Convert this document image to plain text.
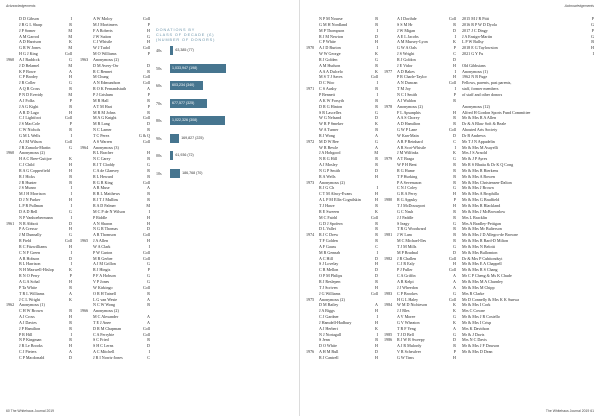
Acknowledgements
D D Gibson	I
J B G L Sharp	R
J P Somer	M
A M Garrod	M
A D Harrison	K
G R W Jones	M
H G J King	Coll
1960	A J Baddcck	G
J D Belamel	M
K P Bowe	A
C P Brodey	H
J R Coller	G
A Q R Cross	R
P N D Everidy	M
A J Folks	P
J A G Kight	B
A R D Lago	H
C J Lightfoot	Coll
J S MacCole	P
C W Nichols	R
G M L Wells	I
A J M Wilson	Coll
J R Zamola-Martin	G
1960	Anonymous (2)
H A C Bree-Guttjoe	K
C J Child	H
R A G Copperfield	H
R J Hicks	B
J R Hunter	B
J S Munro	I
M J H Morrison	I
D J N Parker	H
L P R Pullman	I
D A D Bell	G
N P Vanhoebermann	I
1961	N R Abbott	D
P A Cressw	H
J M Dunnally	G
R Field	Coll
R C Fitzwilliams	H
C N F Green	I
A R Hobson	D
B L Harrison	I
N H Maxwell-Hislop	K
R N O Perry	P
A G A Sohal	H
P Ta White	R
T R L Williams	A
J C L Wright	K
1962	Anonymous (1)
C H W Brown	B
A J Cross	H
A J Davies	R
J P Hamilton	R
P R Hill	I
N P Kingman	R
J R Le Brooks	H
C J Pieters	A
C P Macdonald	D
A W Moloy	Coll
M J Mortimers	P
F A Roberts	H
J W Sutton	G
C J Whistle	H
W J Tudol	Coll
M O Williams	P
1963	Anonymous (2)
D M Avery-Orr	D
R C Bennet	R
M Chung	Coll
A N Edmundson	Coll
R O K Fernandstuth	A
P J Grisham	P
M R Hall	R
A T M Hart	P
M R M Johns	R
M A G Knight	Coll
M R Lang	D
N C Larner	R
T C Perez	G & Q
A S Warren	Coll
1964	Anonymous (3)
B L Bracher	H
N C Carey	B
R J T Cloddy	G
C A de Glanvey	R
R L Heward	B
R G R King	Coll
A R Muse	A
R R L Matthews	B
R J T J Mullins	R
R A D Palmer	M
M C P de N Wilson	I
P Riddle	H
A N Sharon	H
N G R Thomas	D
A R Thomson	Coll
1965	J A Allen	H
W A Clark	I
P W Garton	Coll
M R Gerber	Coll
A J M Grillon	G
R J Hingis	P
P F A Hobson	G
V P Jones	G
W Kirkingo	Coll
O R H Tatnell	R
L G van Weste	A
N C W Wong	B
1966	Anonymous (2)
M C Alexander	A
T E J Anee	A
D R M Chapman	Coll
C A Ferrybie	Coll
S C Fried	R
S H C Lerns	D
A C Mitchell	I
J R I Norris-Jones	C
DONATIONS BY
CLASS OF DECADE (£)
(NUMBER OF DONORS)
40s	63,385 (77)
50s	1,033,947 (198)
60s	603,234 (340)
70s	677,577 (325)
80s	1,022,326 (308)
90s	169,827 (225)
00s	61,936 (72)
10s	186,768 (70)
60 The Whitehaus Journal 2019
Acknowledgements
N P M Nourse	B
G M H Nordland	B
M P Thompson	I
R J M Newton	D
C P White	H
1970	A J D Burton	I
W W George	K
R J Golden	G
A M Hudson	R
A A A Dulcelo	K
M S T J Saves	Coll
D C Woo	I
1971	C S Ausby	B
P Bennett	I
A K W Forsyth	B
D R G Hinton	R
S R Lascelles	G
W G Nelsand	D
W R P Smeker	K
W A Turner	B
R J Wong	A
1972	M D W Bee	G
W R Bewle	A
J A Hobgood	M
N R G Hill	R
A J Mosley	R
N G P Smith	D
R A Wells	H
1973	Anonymous (2)
R J G Ch	I
C T M Alncy-Evans	H
A L P M Ellis-Cognilskin	H
T J Hawe	R
R E Sweeen	K
M C Fairhl	Coll
G D J Spofern	R
D L Vallet	R
1974	R J C Drew	R
T F Golden	R
A F Gauss	C
M R Gennab	I
A C Hill	D
S J Lovelay	H
C R Mellon	D
O P M Philips	D
R J Reslepen	R
T J Scriven	H
J G Williams	Coll
1975	Anonymous (2)
D M Bailey	A
J A Biggs	H
C J Gardner	I
J Hamdell-Hadbury	H
A J Herbert	K
N J Nortagall	I
S Jenn	B
D O White	H
1976	A H M Bull	D
R J Cantrell	H
A I Dorihde	Coll
S S M Hr	R
J W Migan	D
A E L Jacobs	I
A M Mursey-Lyon	K
G W A Oals	P
J S Wright	C
R J Goldon	D
J E Vidor	H
1977	A D Bakes	I
P R Charle-Taylor	H
A N Duncan	Coll
T M Joy	I
N C I Smith	P
A J Waldon	R
1978	Anonymous (2)
F L Apsanphis	H
A A S Chorey	R
A D Hamilton	R
G W P Lane	Coll
W Kan-Main	D
A R P Reinhard	C
A R Scot-Whistle	I
J M Wilfinks	K
1979	A T Braga	G
W P H Bent	R
R G Hume	R
T P Hurking	B
P A Sevenuson	R
C N J Coley	G
G R A Perry	H
1980	R G Appsky	P
T J McDouwport	H
G C Nash	R
J J Paddle	R
S Ieagy	G
T R G Woodward	R
1981	J W Lam	B
M C Michael-Iles	R
T J M Mills	G
M P Brudnal	D
1982	J R Challen	Coll
C J R Ealy	H
P J Fuller	Coll
C A Griffin	A
A R Kelpi	A
J J Wheedon	A
1983	C P Brookes	G
H G L Haley	Coll
1984	W M D Nichieson	K
J J Bles	K
A V Moree	G
G V Wheaton	K
T R F Yeng	A
1985	T J D Bell	G
1986	R J W R Sweepy	D
A J R Mulordy	R
V R Scheulver	P
G W Tims	H
2015 M J R Pitti	P
2016 R P W D Dyola	G
2017 J C Dingy	P
J A Ensign-Martin	G
L P W Ballsy	B
2018 E G Taylowston	H
2021 G Y Fu	I
Old Gibbsians
Anonymous (1)
1962 N B Fuge
Fellows, parents, past parents,
staff, former members
of staff and other donors
Anonymous (12)
Alfred H Gordon Sports Fund Committee
Mr & Mrs R A Allen
Dr & A Blaw Soft & Beale
Abouted Arts Society
Dr B Andrews
Mr T J N Appadelin
Mr & Mrs M Asayelli
Mrs J S Arnold
Mr & J P Ayres
Mr R S Bhatia & Dr K Q Cong
Mr & Mrs R Bierkens
Mr & Mrs A Bowen
Mr & Mrs Christensen-Dalton
Mr & Mrs J Brown
Mr & Mrs A Brophilla
Mr & Mrs G Bradfield
Mr & Mrs R Blackland
Mr & Mrs J McBrownlow
Mrs L Bracklin
Mrs A Bradley-Pettigan
Mr & Mrs Mr Bulterson
Mr & Mrs J D Allegro-de Browne
Mr & Mrs R Bard-D Milton
Mr & Mrs N Belotti
Mr & Mrs Bullomton
Dr & Mrs P Cubitondsyt
Mr & Mrs E A Chappell
Mr & Mrs R S Chang
Mr C P Cheng & Ms K Chude
Mr & Mrs M A Charnley
Mr & Mrs M Chipp
Mrs R Clarke
Mr D Connelly & Mrs K K Sunwa
Mr & Mrs I Cork
Mrs C Cowne
Mr & Mrs J R Costello
Mr & Mrs I Crisp
Mrs K Davidson
Mr & J Davis
Mrs N C Davis
Mr & Mrs J F Dawson
Mr & Mrs D Dean
The Whitehaus Journal 2019 61
